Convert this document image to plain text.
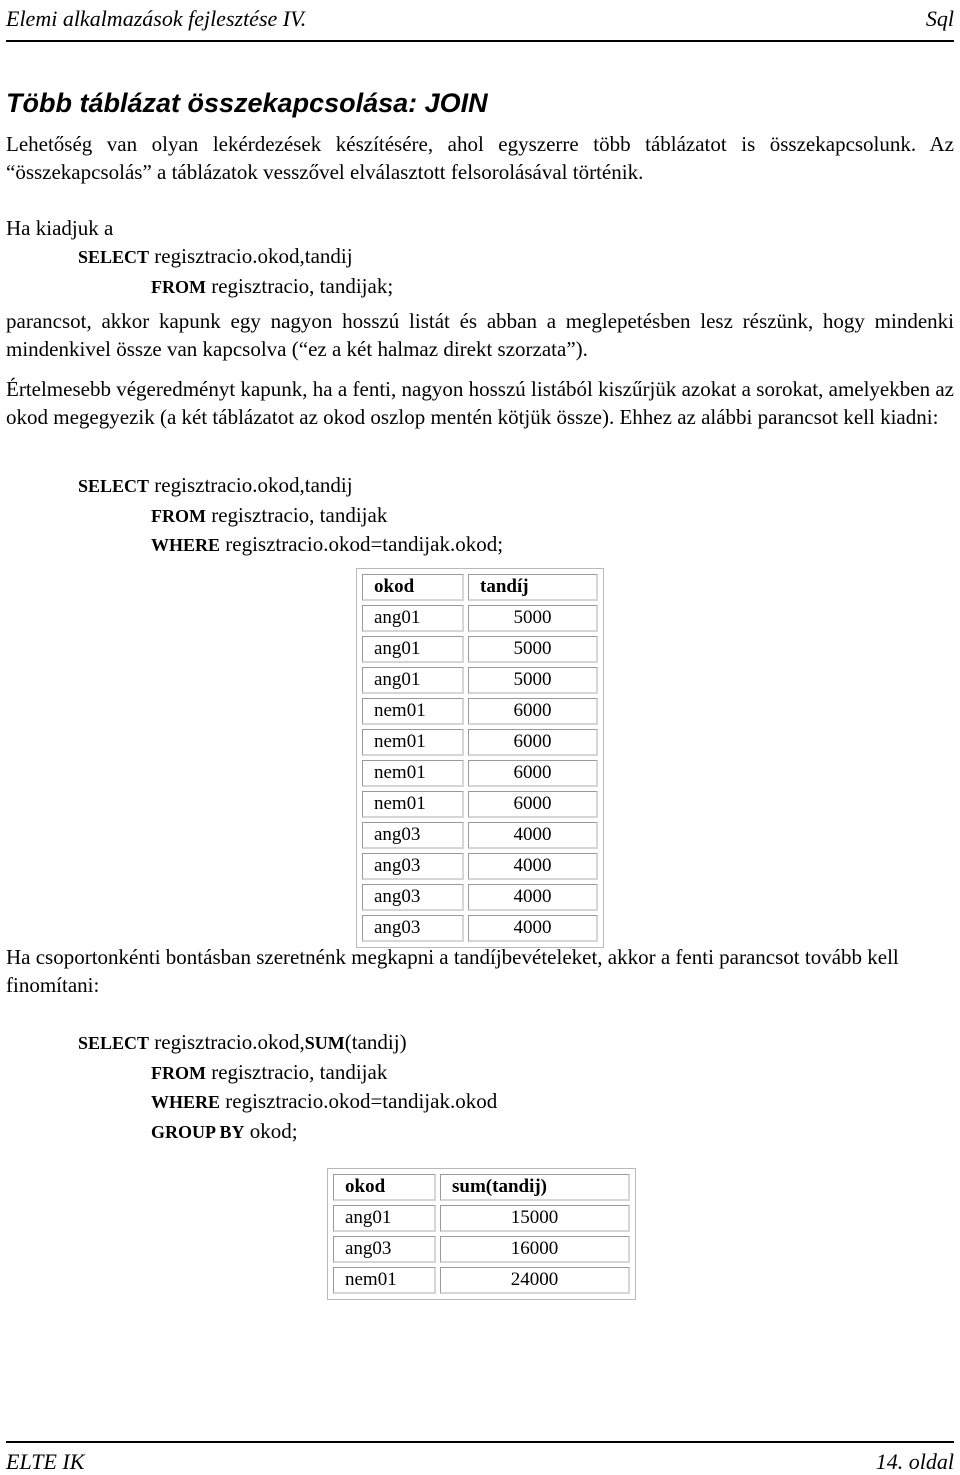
Elemi alkalmazások fejlesztése IV.	Sql
Több táblázat összekapcsolása: JOIN
Lehetőség van olyan lekérdezések készítésére, ahol egyszerre több táblázatot is összekapcsolunk. Az “összekapcsolás” a táblázatok vesszővel elválasztott felsorolásával történik.
Ha kiadjuk a
SELECT regisztracio.okod,tandij
FROM regisztracio, tandijak;
parancsot, akkor kapunk egy nagyon hosszú listát és abban a meglepetésben lesz részünk, hogy mindenki mindenkivel össze van kapcsolva (“ez a két halmaz direkt szorzata”).
Értelmesebb végeredményt kapunk, ha a fenti, nagyon hosszú listából kiszűrjük azokat a sorokat, amelyekben az okod megegyezik (a két táblázatot az okod oszlop mentén kötjük össze). Ehhez az alábbi parancsot kell kiadni:
SELECT regisztracio.okod,tandij
FROM regisztracio, tandijak
WHERE regisztracio.okod=tandijak.okod;
okod	tandíj
ang01	5000
ang01	5000
ang01	5000
nem01	6000
nem01	6000
nem01	6000
nem01	6000
ang03	4000
ang03	4000
ang03	4000
ang03	4000
Ha csoportonkénti bontásban szeretnénk megkapni a tandíjbevételeket, akkor a fenti parancsot tovább kell finomítani:
SELECT regisztracio.okod,SUM(tandij)
FROM regisztracio, tandijak
WHERE regisztracio.okod=tandijak.okod
GROUP BY okod;
okod	sum(tandij)
ang01	15000
ang03	16000
nem01	24000
ELTE IK	14. oldal
